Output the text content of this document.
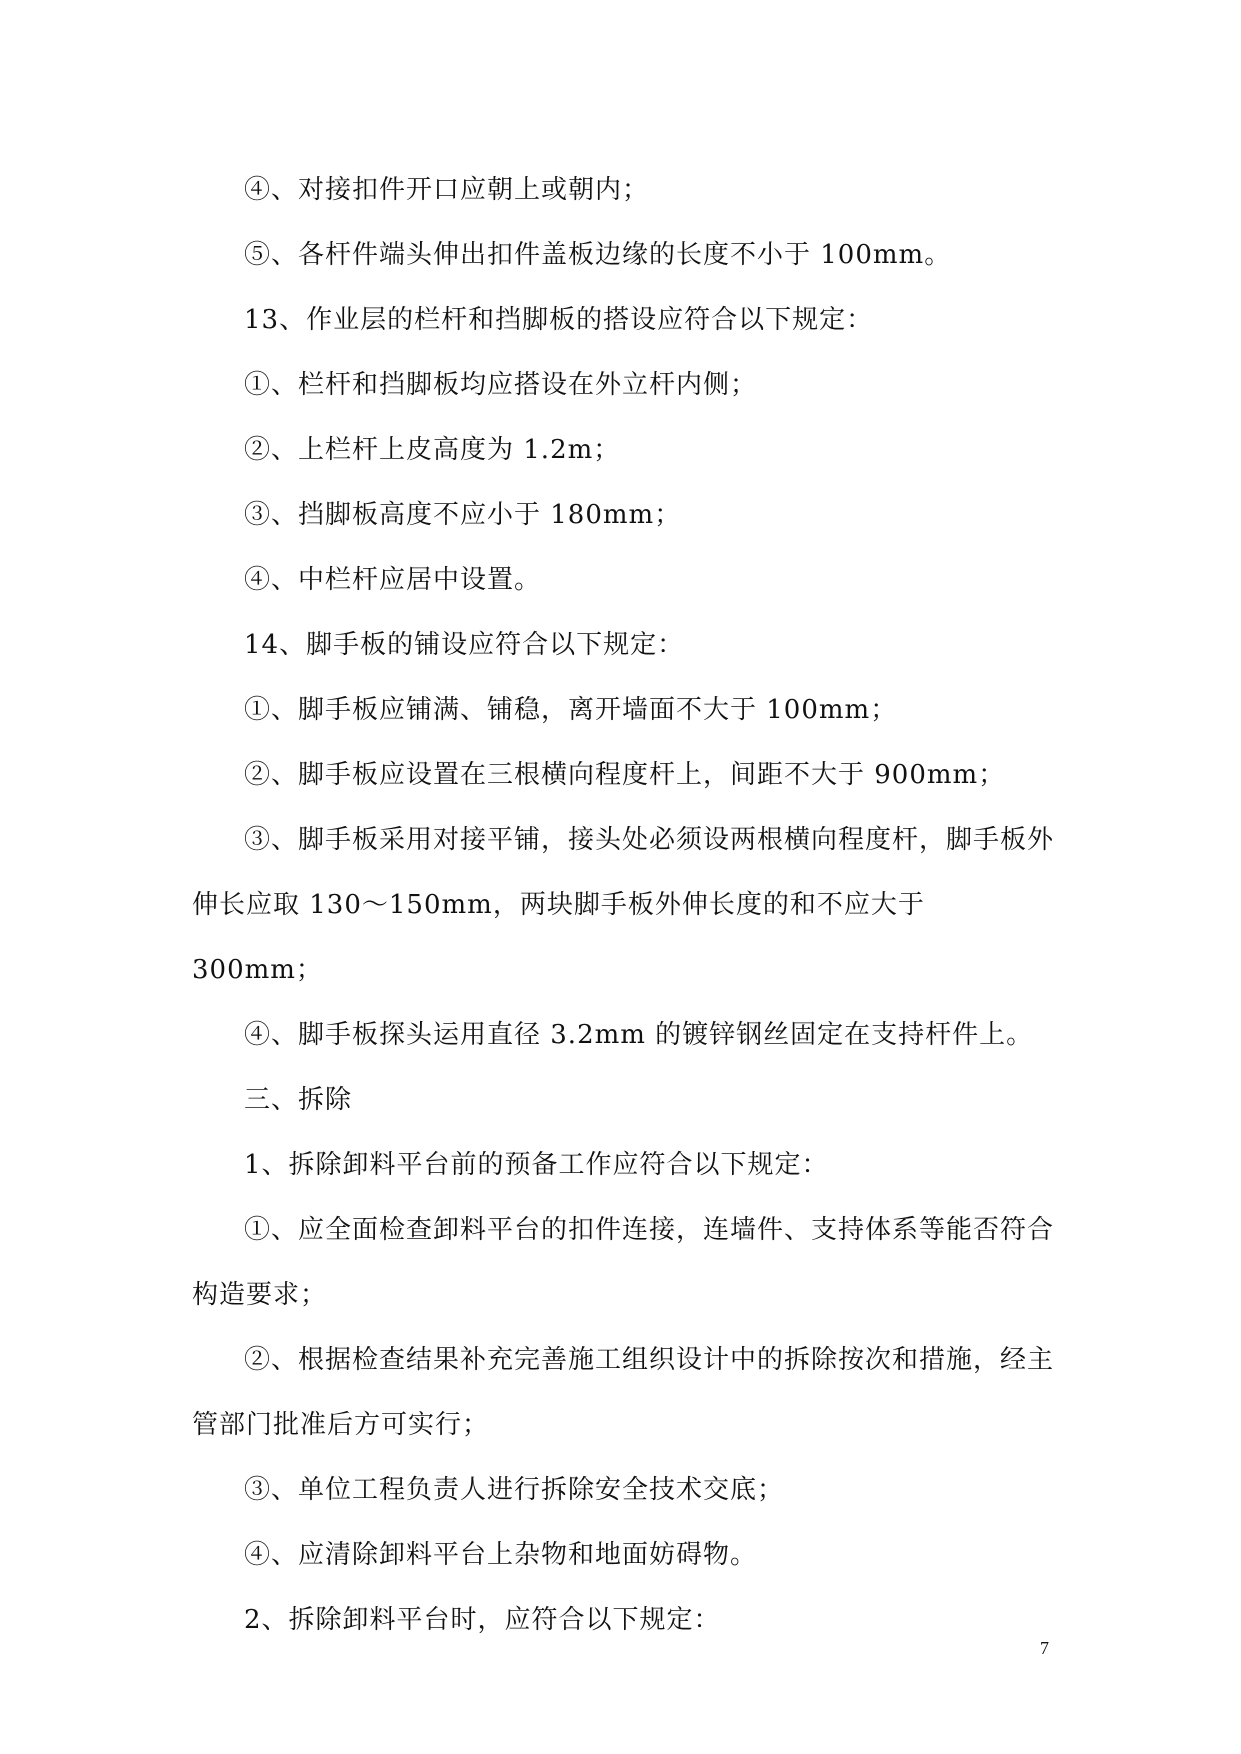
④、对接扣件开口应朝上或朝内；

⑤、各杆件端头伸出扣件盖板边缘的长度不小于 100mm。

13、作业层的栏杆和挡脚板的搭设应符合以下规定：

①、栏杆和挡脚板均应搭设在外立杆内侧；

②、上栏杆上皮高度为 1.2m；

③、挡脚板高度不应小于 180mm；

④、中栏杆应居中设置。

14、脚手板的铺设应符合以下规定：

①、脚手板应铺满、铺稳，离开墙面不大于 100mm；

②、脚手板应设置在三根横向程度杆上，间距不大于 900mm；

③、脚手板采用对接平铺，接头处必须设两根横向程度杆，脚手板外伸长应取 130～150mm，两块脚手板外伸长度的和不应大于 300mm；

④、脚手板探头运用直径 3.2mm 的镀锌钢丝固定在支持杆件上。

三、拆除

1、拆除卸料平台前的预备工作应符合以下规定：

①、应全面检查卸料平台的扣件连接，连墙件、支持体系等能否符合构造要求；

②、根据检查结果补充完善施工组织设计中的拆除按次和措施，经主管部门批准后方可实行；

③、单位工程负责人进行拆除安全技术交底；

④、应清除卸料平台上杂物和地面妨碍物。

2、拆除卸料平台时，应符合以下规定：

7
